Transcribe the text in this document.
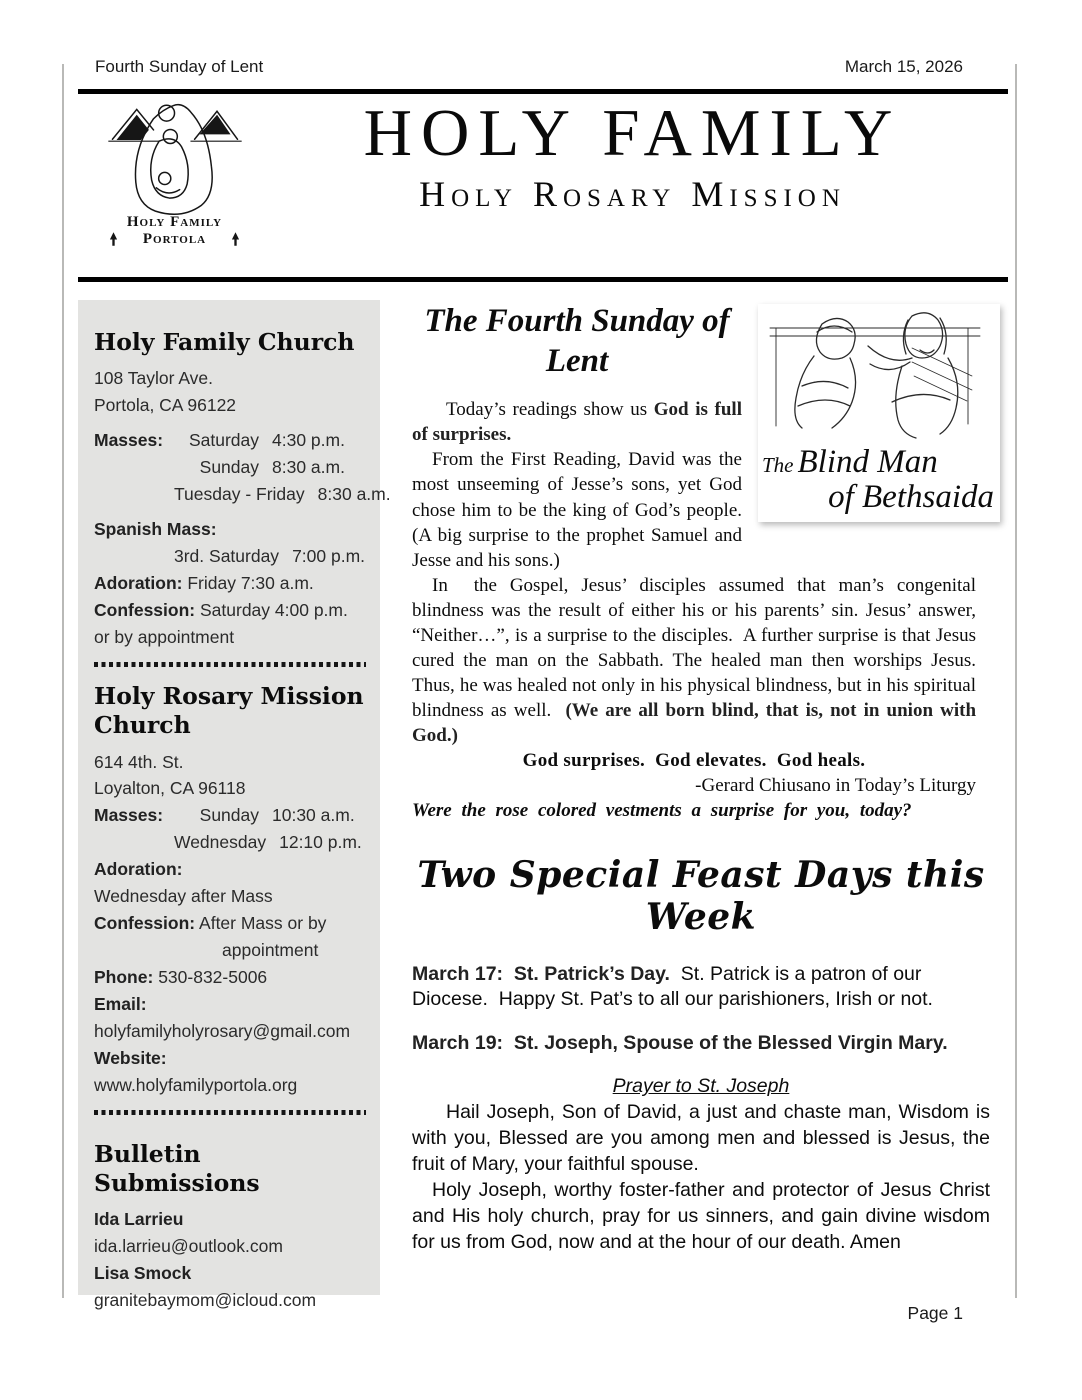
Fourth Sunday of Lent	March 15, 2026
Holy Family
Portola
HOLY FAMILY
Holy Rosary Mission
Holy Family Church
108 Taylor Ave.
Portola, CA 96122
Masses:	Saturday 4:30 p.m.
Sunday 8:30 a.m.
Tuesday - Friday 8:30 a.m.
Spanish Mass:
3rd. Saturday 7:00 p.m.
Adoration: Friday 7:30 a.m.
Confession: Saturday 4:00 p.m.
or by appointment
Holy Rosary Mission Church
614 4th. St.
Loyalton, CA 96118
Masses:	Sunday 10:30 a.m.
Wednesday 12:10 p.m.
Adoration:
Wednesday after Mass
Confession: After Mass or by
appointment
Phone: 530-832-5006
Email:
holyfamilyholyrosary@gmail.com
Website:
www.holyfamilyportola.org
Bulletin Submissions
Ida Larrieu
ida.larrieu@outlook.com
Lisa Smock
granitebaymom@icloud.com
The Blind Man
of Bethsaida
The Fourth Sunday of Lent

Today’s readings show us God is full of surprises.

From the First Reading, David was the most unseeming of Jesse’s sons, yet God chose him to be the king of God’s people.  (A big surprise to the prophet Samuel and Jesse and his sons.)

In  the Gospel, Jesus’ disciples assumed that man’s congenital blindness was the result of either his or his parents’ sin. Jesus’ answer, “Neither…”, is a surprise to the disciples.  A further surprise is that Jesus cured the man on the Sabbath. The healed man then worships Jesus.  Thus, he was healed not only in his physical blindness, but in his spiritual blindness as well.  (We are all born blind, that is, not in union with God.)

God surprises.  God elevates.  God heals.

-Gerard Chiusano in Today’s Liturgy

Were the rose colored vestments a surprise for you, today?

Two Special Feast Days this Week

March 17:  St. Patrick’s Day.  St. Patrick is a patron of our Diocese.  Happy St. Pat’s to all our parishioners, Irish or not.

March 19:  St. Joseph, Spouse of the Blessed Virgin Mary.

Prayer to St. Joseph

Hail Joseph, Son of David, a just and chaste man, Wisdom is with you, Blessed are you among men and blessed is Jesus, the fruit of Mary, your faithful spouse.

Holy Joseph, worthy foster-father and protector of Jesus Christ and His holy church, pray for us sinners, and gain divine wisdom for us from God, now and at the hour of our death. Amen

Page 1
